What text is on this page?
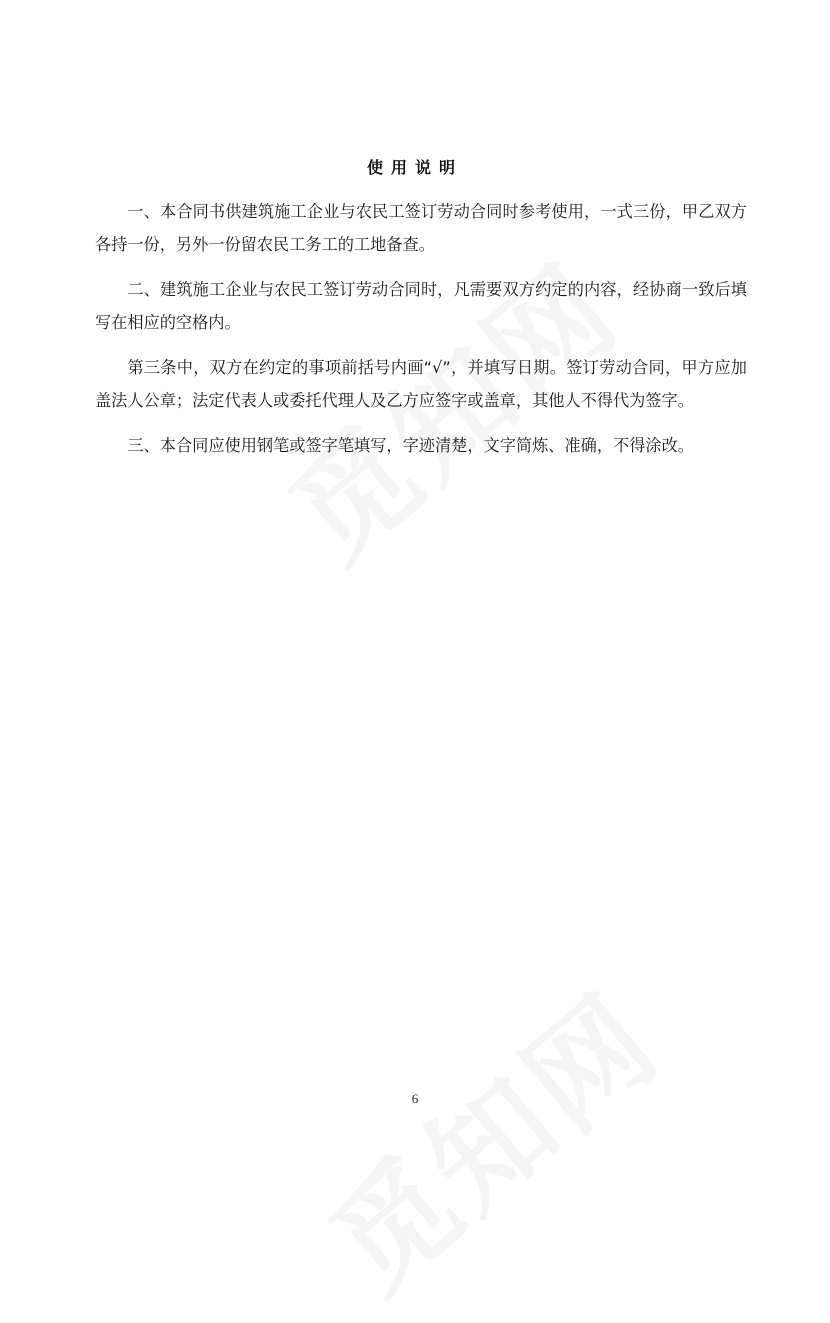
使用说明

一、本合同书供建筑施工企业与农民工签订劳动合同时参考使用，一式三份，甲乙双方各持一份，另外一份留农民工务工的工地备查。

二、建筑施工企业与农民工签订劳动合同时，凡需要双方约定的内容，经协商一致后填写在相应的空格内。

第三条中，双方在约定的事项前括号内画“√”，并填写日期。签订劳动合同，甲方应加盖法人公章；法定代表人或委托代理人及乙方应签字或盖章，其他人不得代为签字。

三、本合同应使用钢笔或签字笔填写，字迹清楚，文字简炼、准确，不得涂改。

6
